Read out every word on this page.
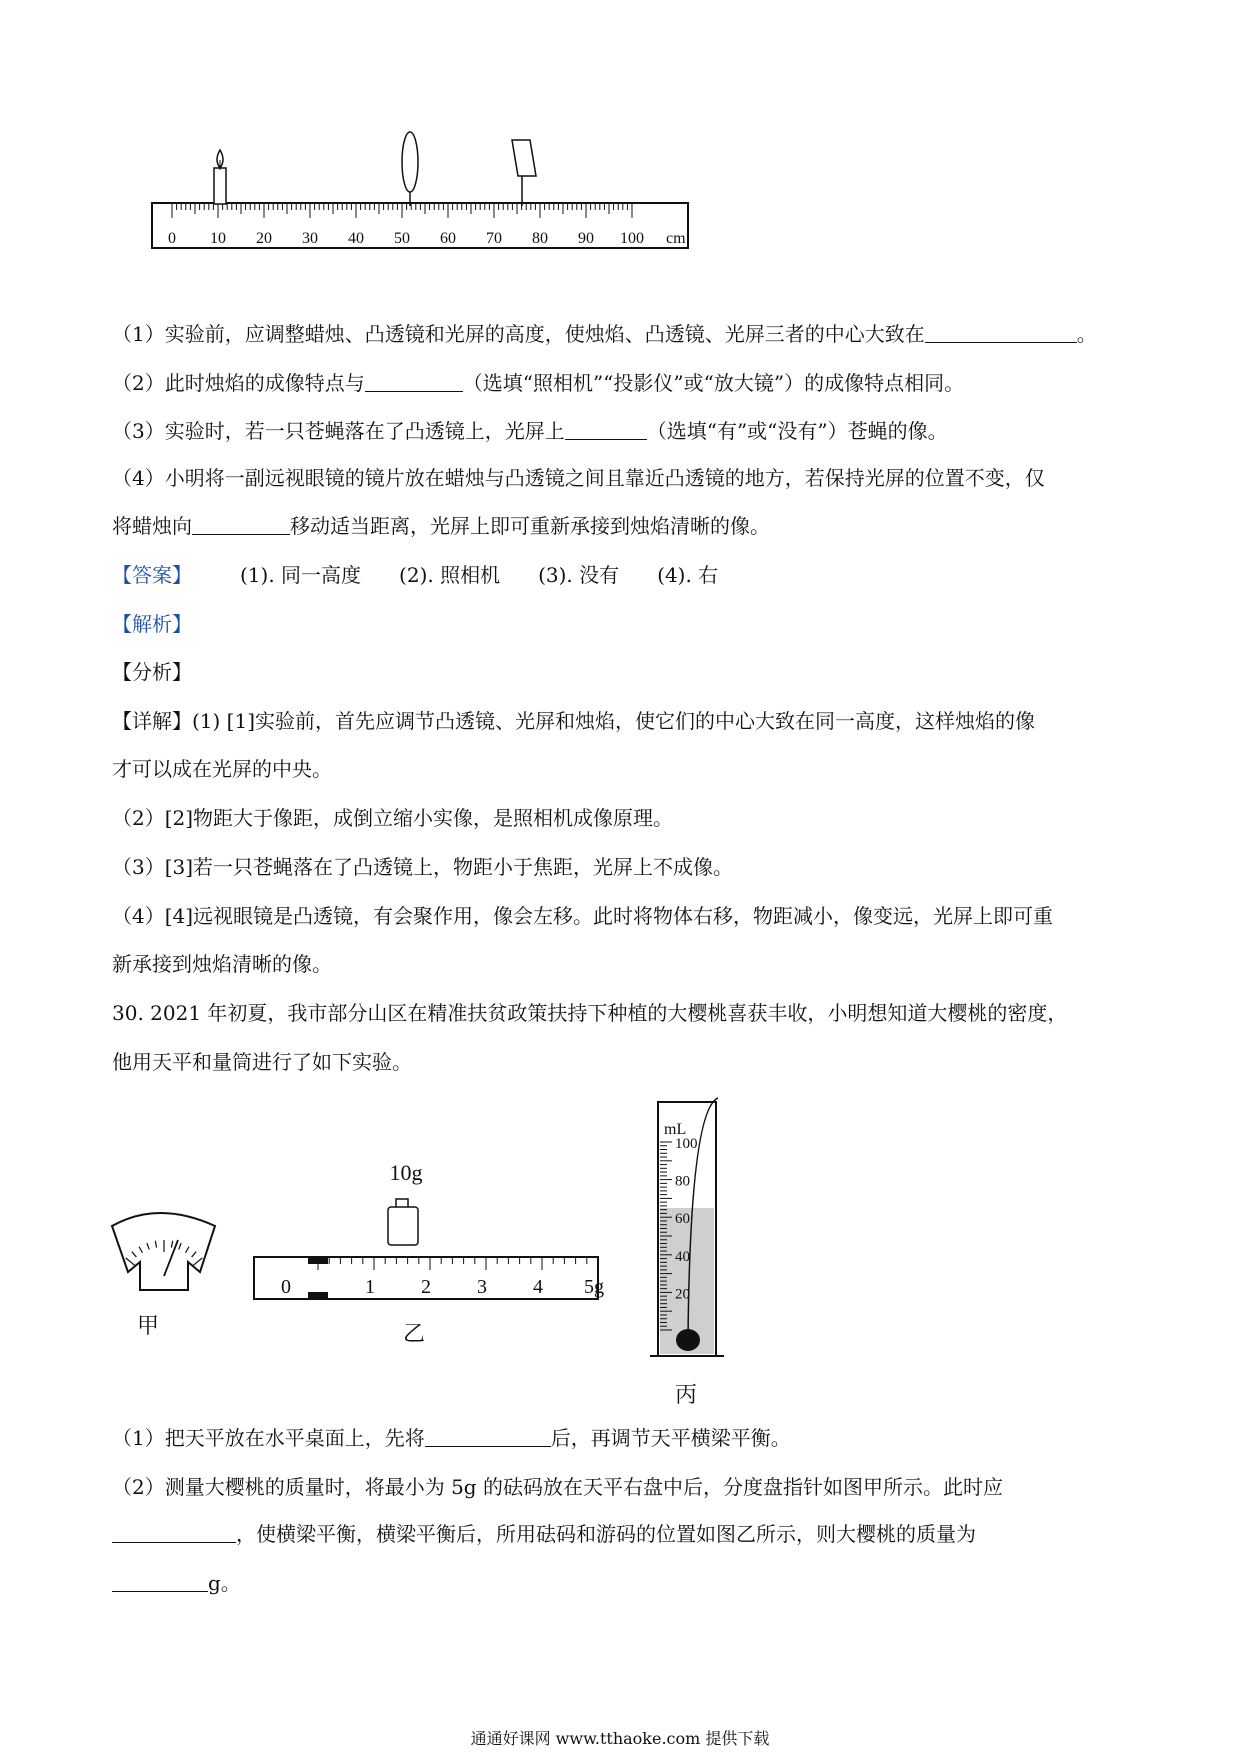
0 10 20 30 40 50 60 70 80 90 100 cm
（1）实验前，应调整蜡烛、凸透镜和光屏的高度，使烛焰、凸透镜、光屏三者的中心大致在	。
（2）此时烛焰的成像特点与	（选填“照相机”“投影仪”或“放大镜”）的成像特点相同。
（3）实验时，若一只苍蝇落在了凸透镜上，光屏上	（选填“有”或“没有”）苍蝇的像。
（4）小明将一副远视眼镜的镜片放在蜡烛与凸透镜之间且靠近凸透镜的地方，若保持光屏的位置不变，仅
将蜡烛向	移动适当距离，光屏上即可重新承接到烛焰清晰的像。
【答案】 (1). 同一高度 (2). 照相机 (3). 没有 (4). 右
【解析】
【分析】
【详解】(1) [1]实验前，首先应调节凸透镜、光屏和烛焰，使它们的中心大致在同一高度，这样烛焰的像
才可以成在光屏的中央。
（2）[2]物距大于像距，成倒立缩小实像，是照相机成像原理。
（3）[3]若一只苍蝇落在了凸透镜上，物距小于焦距，光屏上不成像。
（4）[4]远视眼镜是凸透镜，有会聚作用，像会左移。此时将物体右移，物距减小，像变远，光屏上即可重
新承接到烛焰清晰的像。
30. 2021 年初夏，我市部分山区在精准扶贫政策扶持下种植的大樱桃喜获丰收，小明想知道大樱桃的密度，
他用天平和量筒进行了如下实验。
甲
10g
0	1 2 3 4 5g
乙
100
80
60
40
20
mL
丙
（1）把天平放在水平桌面上，先将	后，再调节天平横梁平衡。
（2）测量大樱桃的质量时，将最小为 5g 的砝码放在天平右盘中后，分度盘指针如图甲所示。此时应
，使横梁平衡，横梁平衡后，所用砝码和游码的位置如图乙所示，则大樱桃的质量为
g。
通通好课网 www.tthaoke.com 提供下载
